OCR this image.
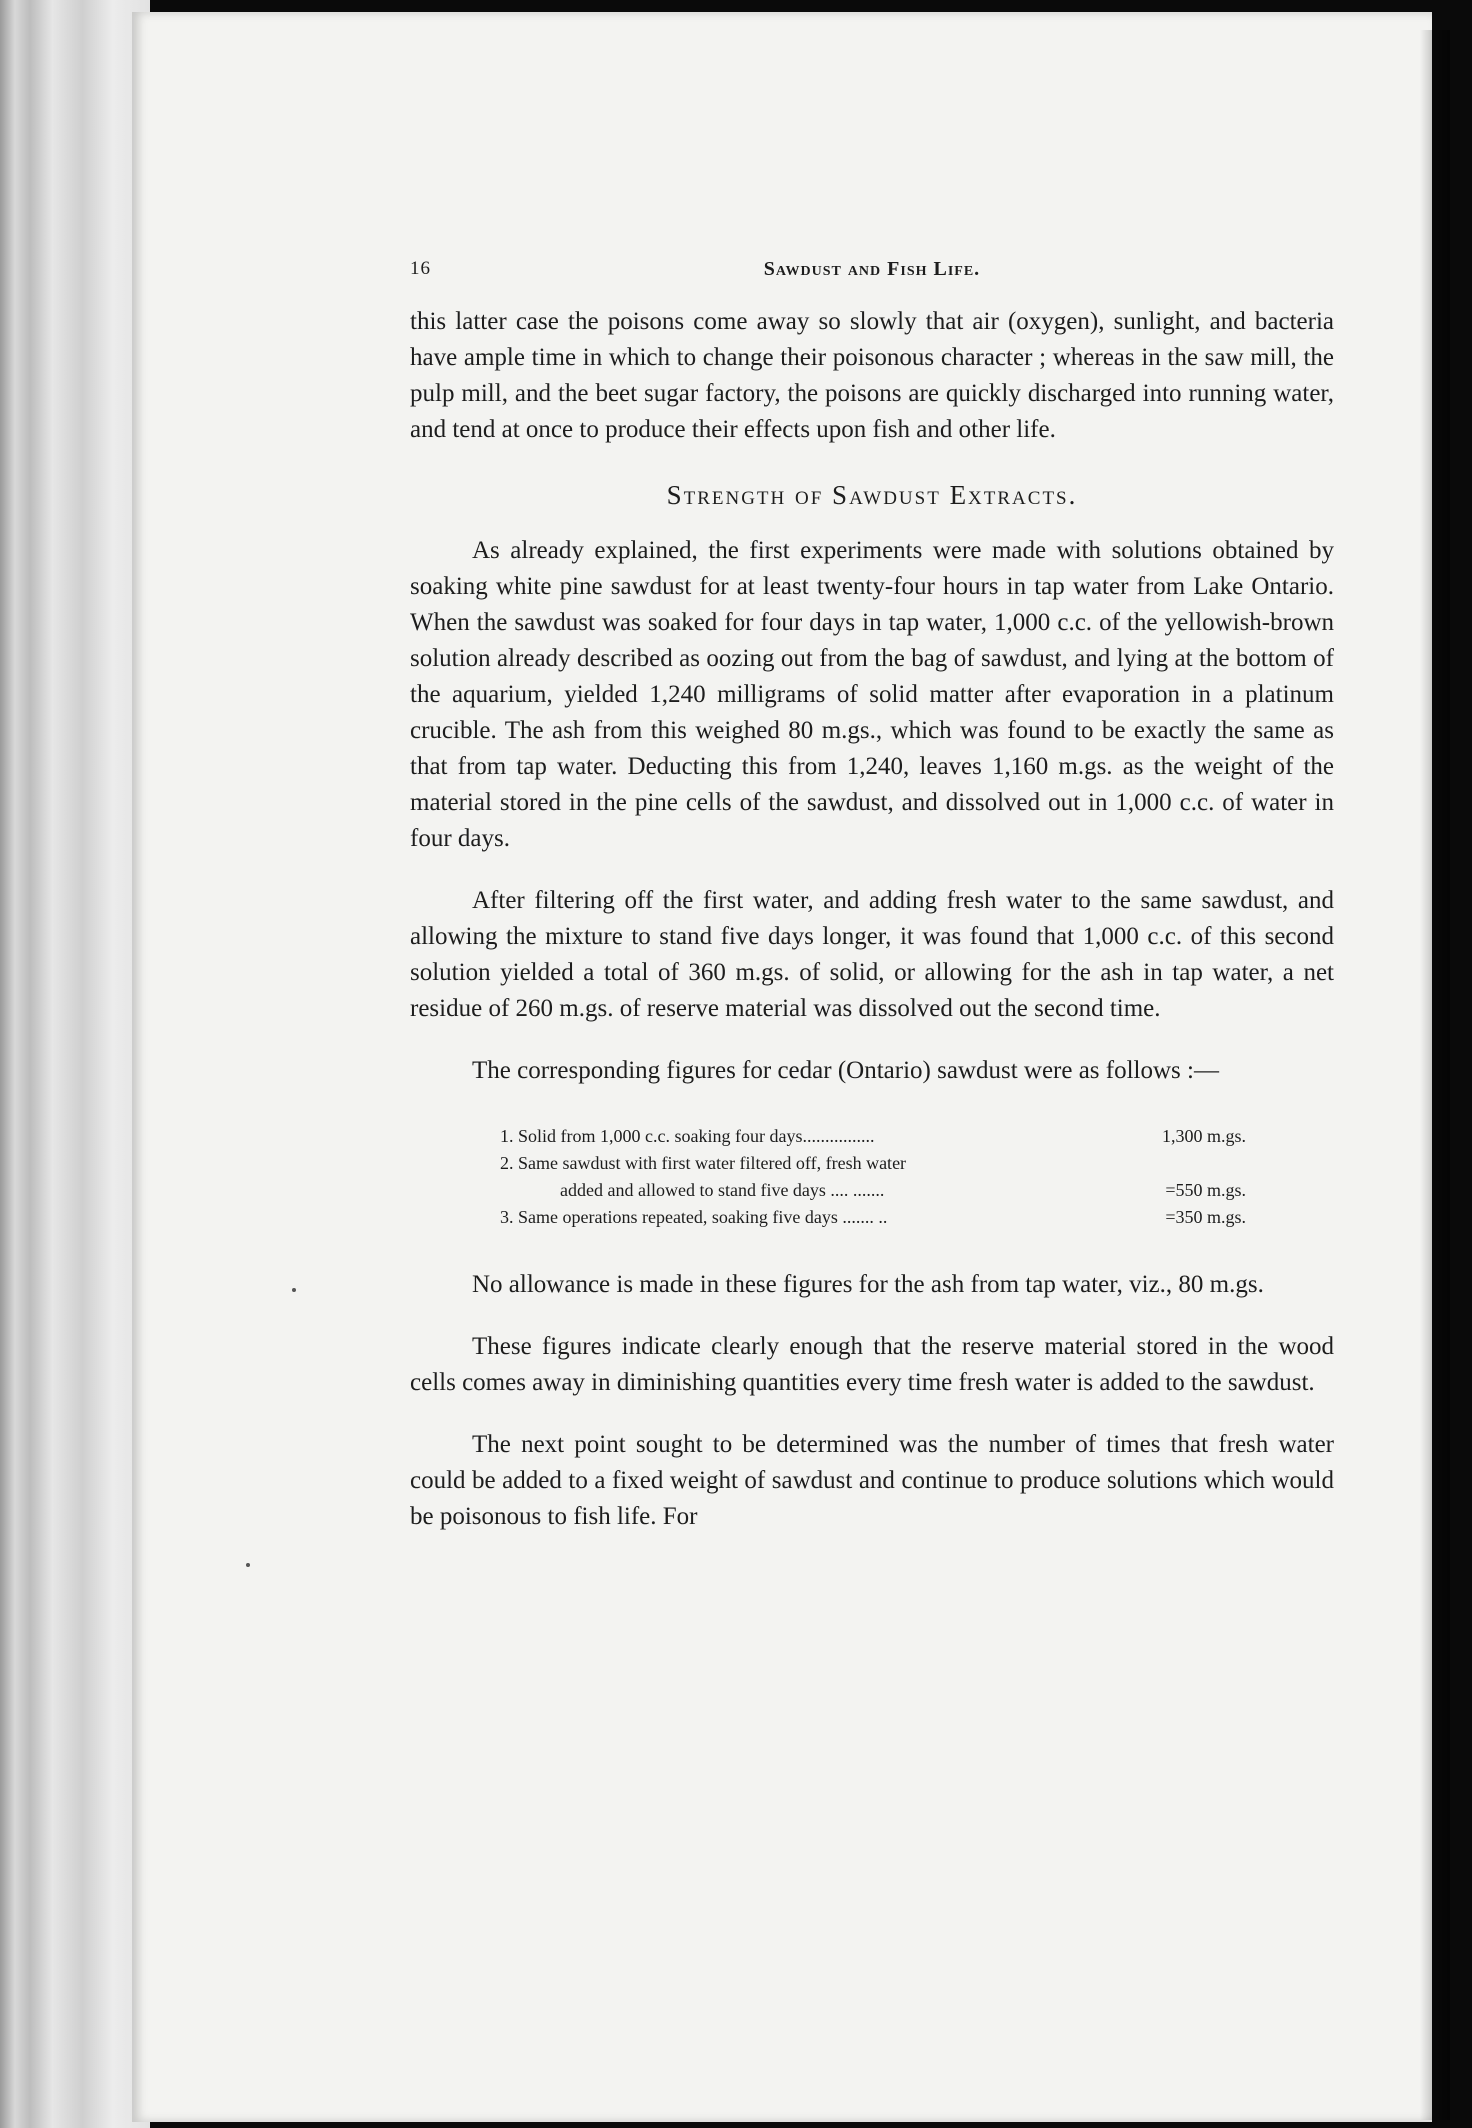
16	Sawdust and Fish Life.

this latter case the poisons come away so slowly that air (oxygen), sunlight, and bacteria have ample time in which to change their poisonous character ; whereas in the saw mill, the pulp mill, and the beet sugar factory, the poisons are quickly discharged into running water, and tend at once to produce their effects upon fish and other life.

Strength of Sawdust Extracts.

As already explained, the first experiments were made with solutions obtained by soaking white pine sawdust for at least twenty-four hours in tap water from Lake Ontario. When the sawdust was soaked for four days in tap water, 1,000 c.c. of the yellowish-brown solution already described as oozing out from the bag of sawdust, and lying at the bottom of the aquarium, yielded 1,240 milligrams of solid matter after evaporation in a platinum crucible. The ash from this weighed 80 m.gs., which was found to be exactly the same as that from tap water. Deducting this from 1,240, leaves 1,160 m.gs. as the weight of the material stored in the pine cells of the sawdust, and dissolved out in 1,000 c.c. of water in four days.

After filtering off the first water, and adding fresh water to the same sawdust, and allowing the mixture to stand five days longer, it was found that 1,000 c.c. of this second solution yielded a total of 360 m.gs. of solid, or allowing for the ash in tap water, a net residue of 260 m.gs. of reserve material was dissolved out the second time.

The corresponding figures for cedar (Ontario) sawdust were as follows :—

1. Solid from 1,000 c.c. soaking four days................	1,300 m.gs.
2. Same sawdust with first water filtered off, fresh water
added and allowed to stand five days .... .......	=550 m.gs.
3. Same operations repeated, soaking five days ....... ..	=350 m.gs.

No allowance is made in these figures for the ash from tap water, viz., 80 m.gs.

These figures indicate clearly enough that the reserve material stored in the wood cells comes away in diminishing quantities every time fresh water is added to the sawdust.

The next point sought to be determined was the number of times that fresh water could be added to a fixed weight of sawdust and continue to produce solutions which would be poisonous to fish life. For
